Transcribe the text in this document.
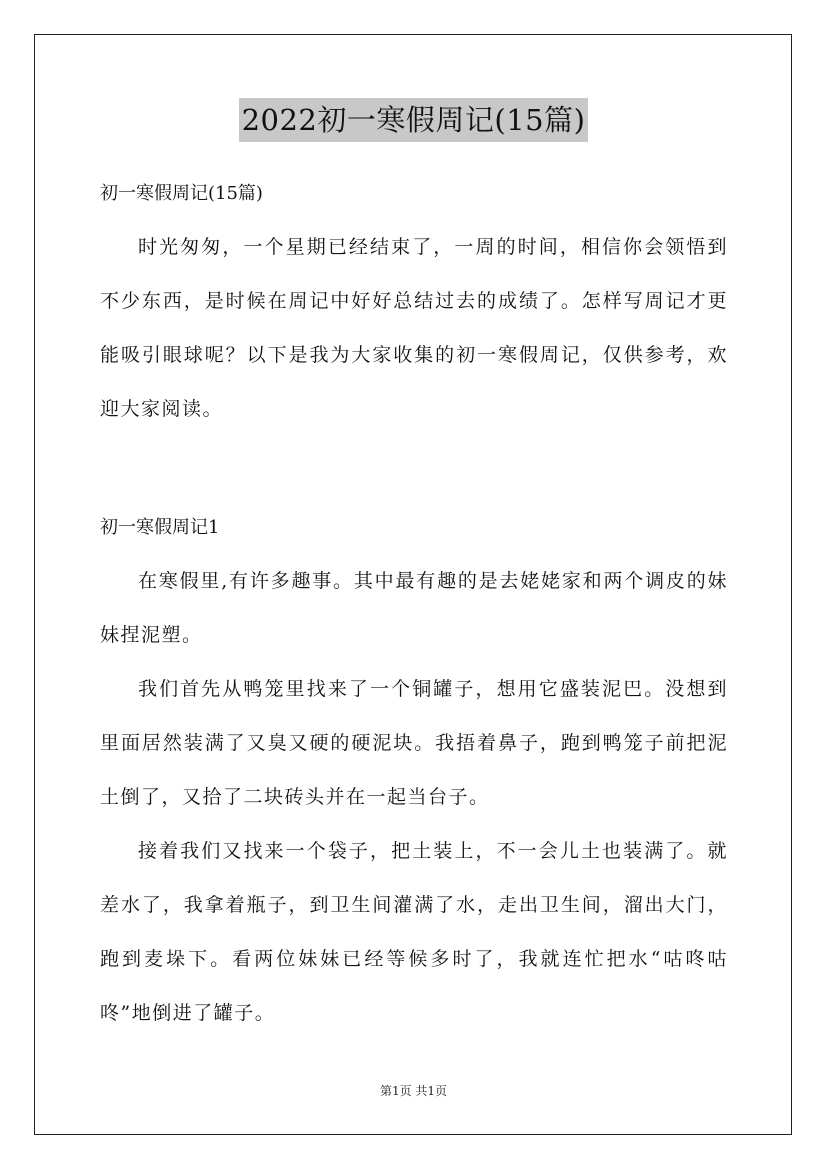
2022初一寒假周记(15篇)

初一寒假周记(15篇)

时光匆匆，一个星期已经结束了，一周的时间，相信你会领悟到不少东西，是时候在周记中好好总结过去的成绩了。怎样写周记才更能吸引眼球呢？以下是我为大家收集的初一寒假周记，仅供参考，欢迎大家阅读。

初一寒假周记1

在寒假里,有许多趣事。其中最有趣的是去姥姥家和两个调皮的妹妹捏泥塑。

我们首先从鸭笼里找来了一个铜罐子，想用它盛装泥巴。没想到里面居然装满了又臭又硬的硬泥块。我捂着鼻子，跑到鸭笼子前把泥土倒了，又拾了二块砖头并在一起当台子。

接着我们又找来一个袋子，把土装上，不一会儿土也装满了。就差水了，我拿着瓶子，到卫生间灌满了水，走出卫生间，溜出大门，跑到麦垛下。看两位妹妹已经等候多时了，我就连忙把水“咕咚咕咚”地倒进了罐子。

第1页 共1页
